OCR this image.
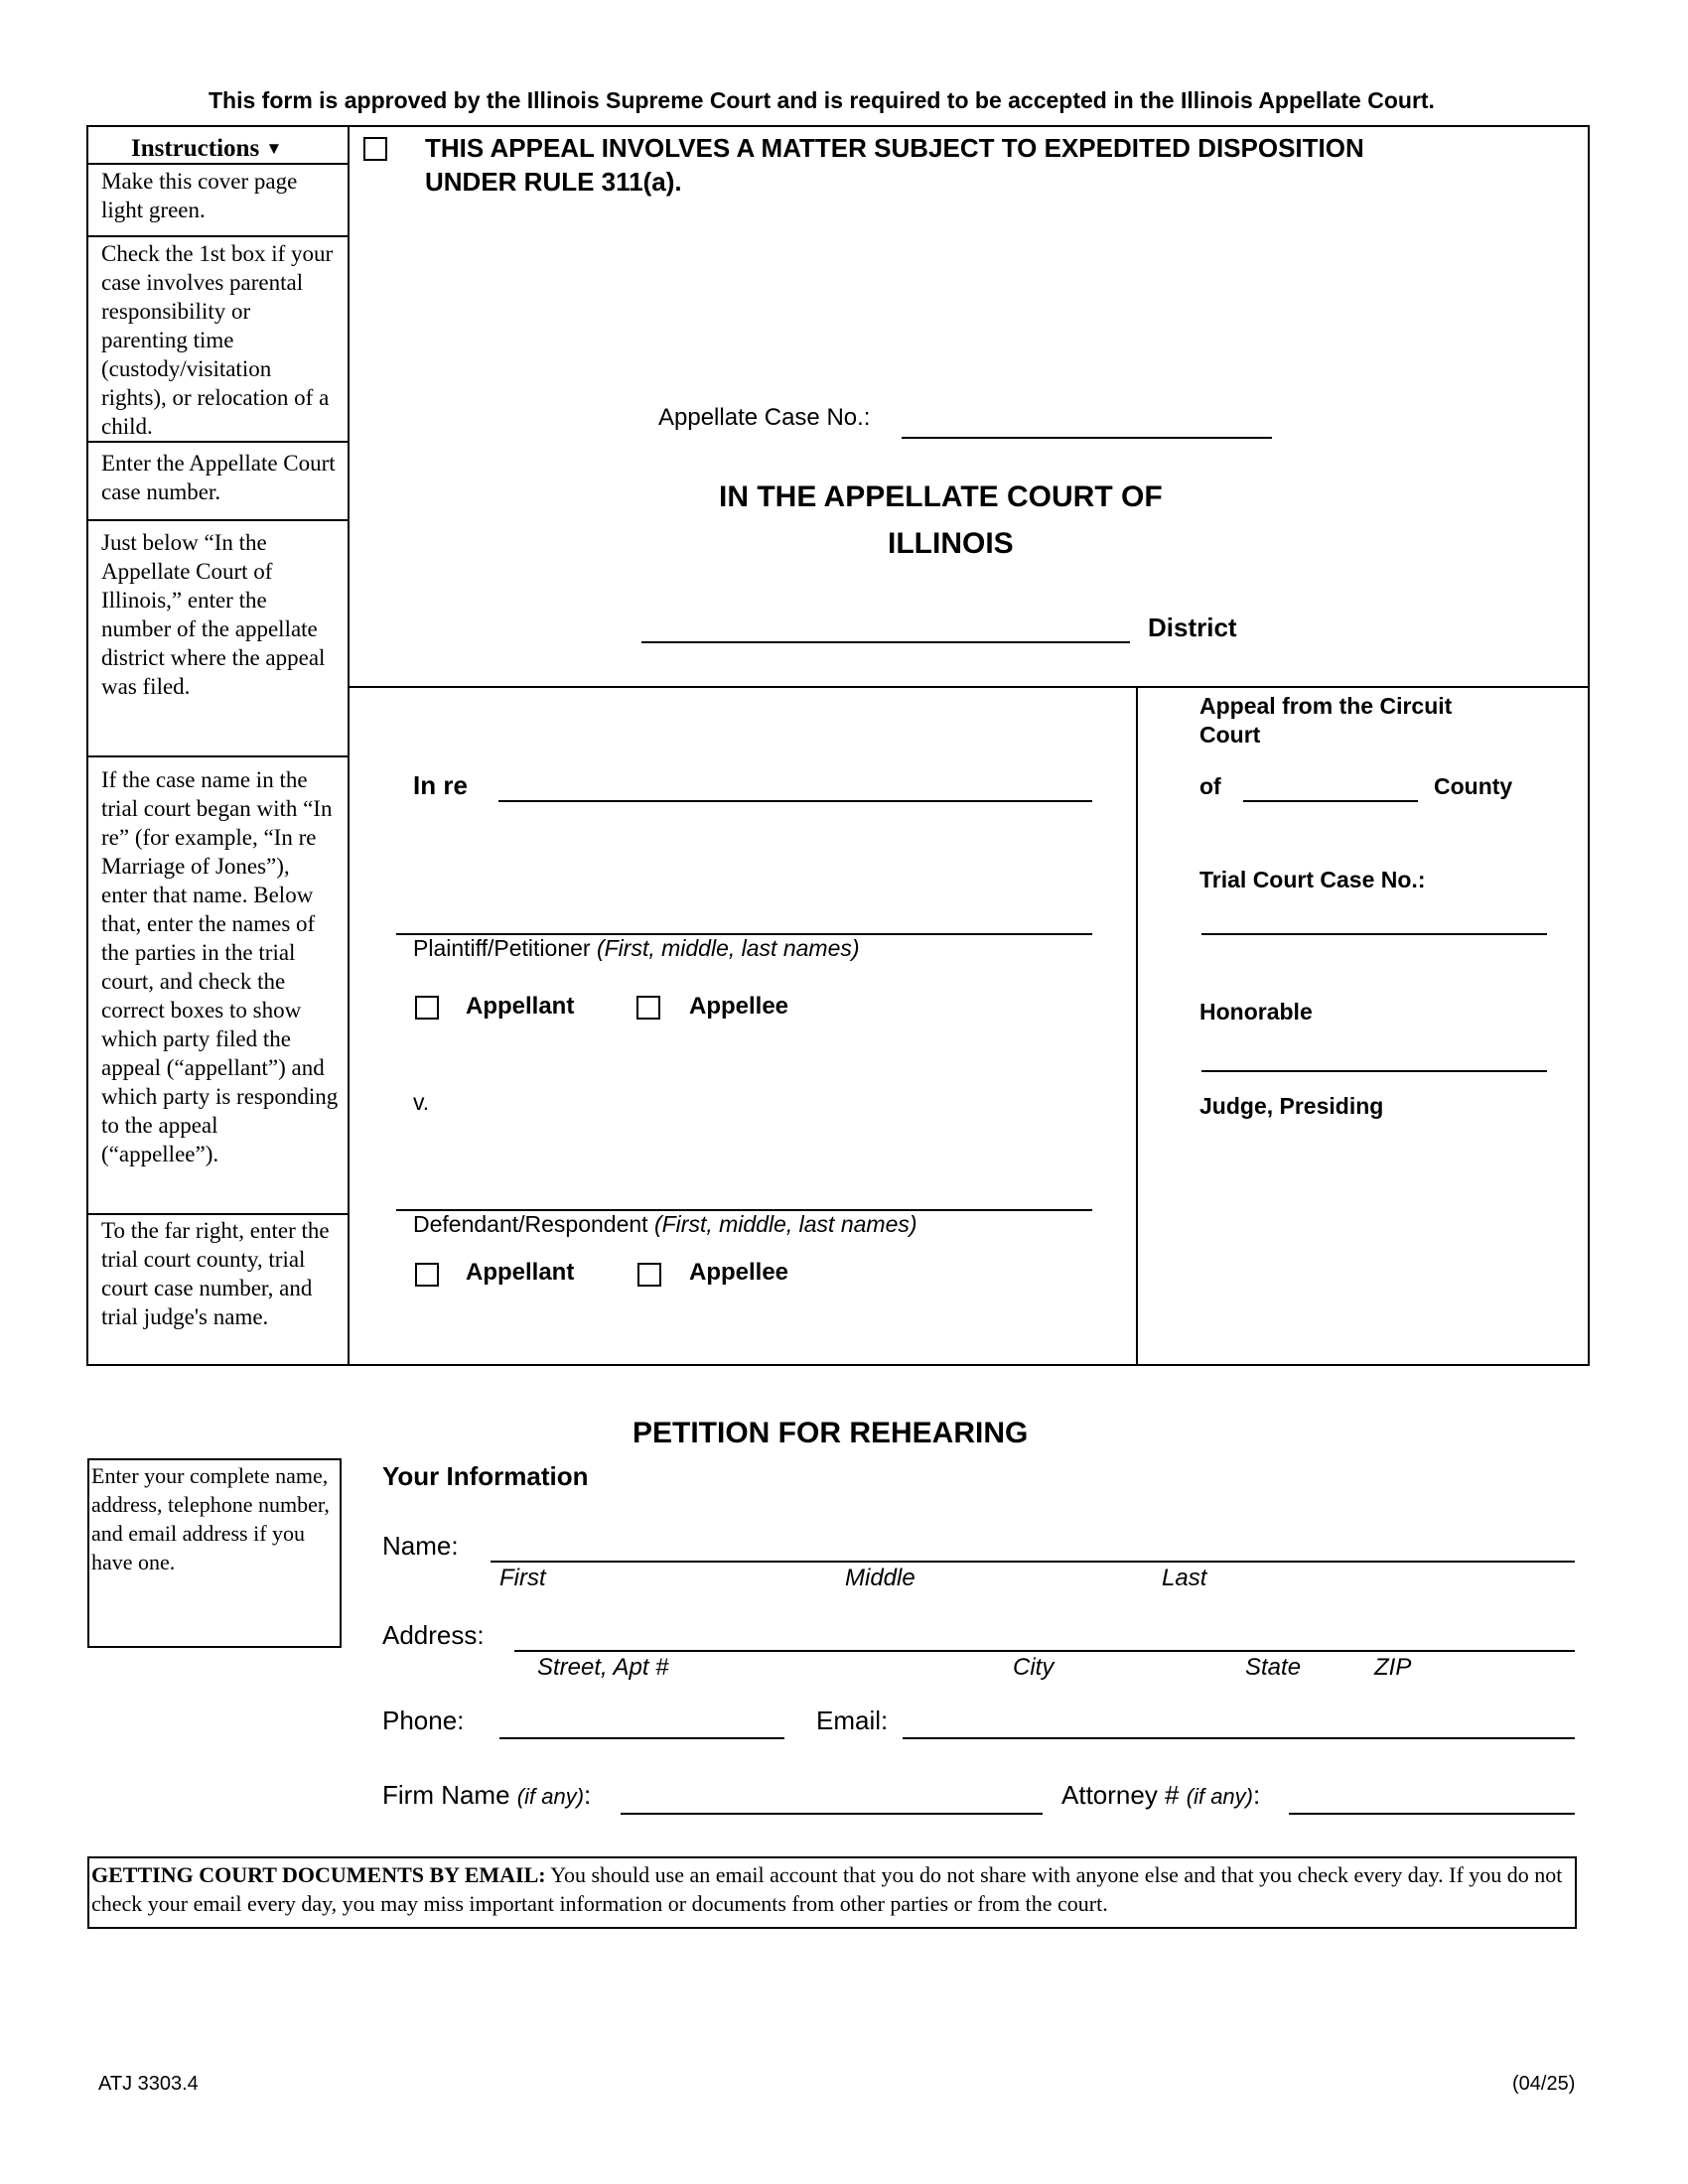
This form is approved by the Illinois Supreme Court and is required to be accepted in the Illinois Appellate Court.
Instructions ▼
Make this cover page light green.
Check the 1st box if your case involves parental responsibility or parenting time (custody/visitation rights), or relocation of a child.
Enter the Appellate Court case number.
Just below “In the Appellate Court of Illinois,” enter the number of the appellate district where the appeal was filed.
If the case name in the trial court began with “In re” (for example, “In re Marriage of Jones”), enter that name. Below that, enter the names of the parties in the trial court, and check the correct boxes to show which party filed the appeal (“appellant”) and which party is responding to the appeal (“appellee”).
To the far right, enter the trial court county, trial court case number, and trial judge's name.
THIS APPEAL INVOLVES A MATTER SUBJECT TO EXPEDITED DISPOSITION
UNDER RULE 311(a).
Appellate Case No.:
IN THE APPELLATE COURT OF
ILLINOIS
District
In re
Plaintiff/Petitioner (First, middle, last names)
Appellant	Appellee
v.
Defendant/Respondent (First, middle, last names)
Appellant	Appellee
Appeal from the Circuit
Court
of	County
Trial Court Case No.:
Honorable
Judge, Presiding
PETITION FOR REHEARING
Enter your complete name, address, telephone number, and email address if you have one.
Your Information
Name:
First	Middle	Last
Address:
Street, Apt #	City	State	ZIP
Phone:	Email:
Firm Name (if any):	Attorney # (if any):
GETTING COURT DOCUMENTS BY EMAIL: You should use an email account that you do not share with anyone else and that you check every day. If you do not check your email every day, you may miss important information or documents from other parties or from the court.
ATJ 3303.4	(04/25)
